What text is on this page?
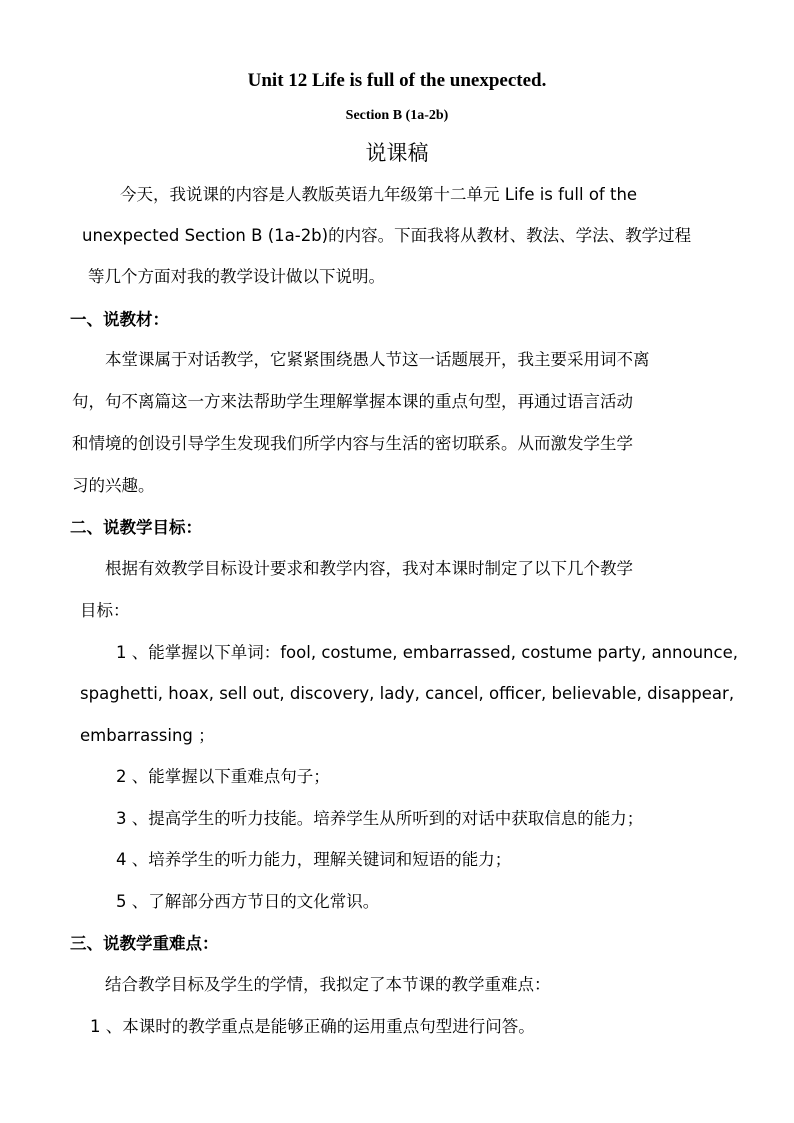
Unit 12 Life is full of the unexpected.
Section B (1a-2b)
说课稿
今天，我说课的内容是人教版英语九年级第十二单元 Life is full of the
unexpected Section B (1a-2b)的内容。下面我将从教材、教法、学法、教学过程
等几个方面对我的教学设计做以下说明。
一、说教材：
本堂课属于对话教学，它紧紧围绕愚人节这一话题展开，我主要采用词不离
句，句不离篇这一方来法帮助学生理解掌握本课的重点句型，再通过语言活动
和情境的创设引导学生发现我们所学内容与生活的密切联系。从而激发学生学
习的兴趣。
二、说教学目标：
根据有效教学目标设计要求和教学内容，我对本课时制定了以下几个教学
目标：
1 、能掌握以下单词：fool, costume, embarrassed, costume party, announce,
spaghetti, hoax, sell out, discovery, lady, cancel, officer, believable, disappear,
embarrassing ；
2 、能掌握以下重难点句子；
3 、提高学生的听力技能。培养学生从所听到的对话中获取信息的能力；
4 、培养学生的听力能力，理解关键词和短语的能力；
5 、了解部分西方节日的文化常识。
三、说教学重难点：
结合教学目标及学生的学情，我拟定了本节课的教学重难点：
1 、本课时的教学重点是能够正确的运用重点句型进行问答。
